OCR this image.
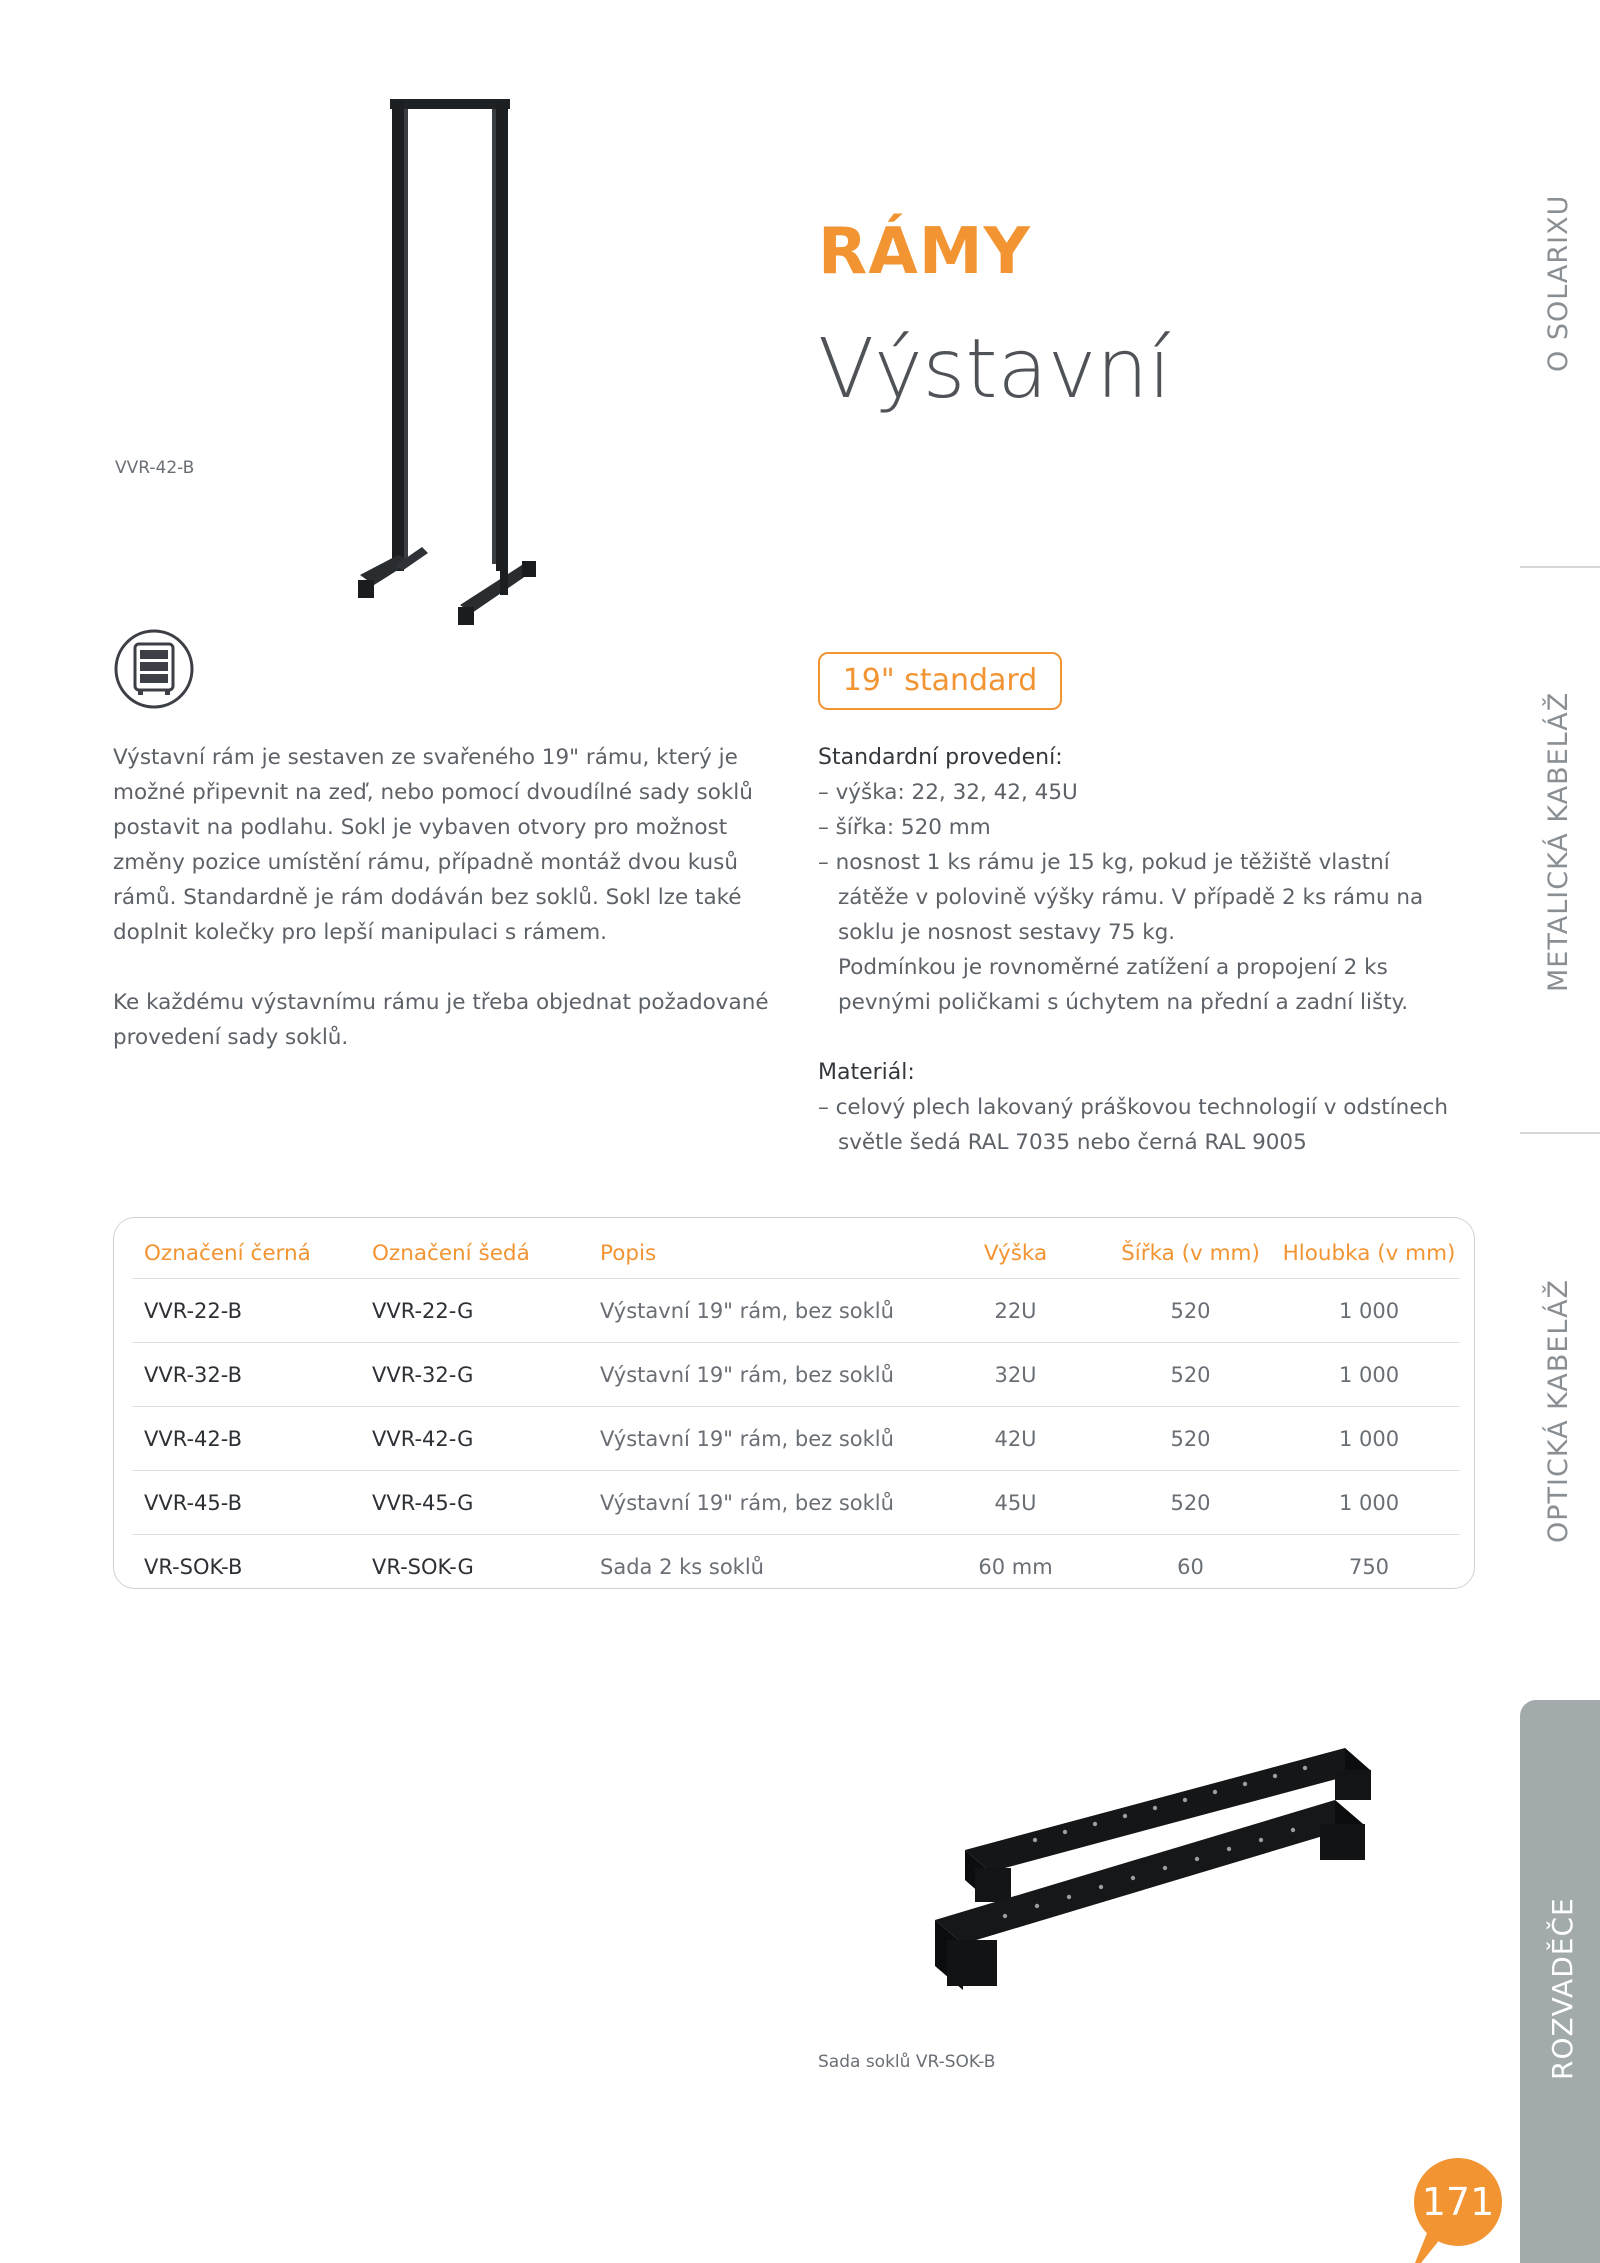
VVR-42-B
RÁMY
Výstavní
19" standard

Výstavní rám je sestaven ze svařeného 19" rámu, který je možné připevnit na zeď, nebo pomocí dvoudílné sady soklů postavit na podlahu. Sokl je vybaven otvory pro možnost změny pozice umístění rámu, případně montáž dvou kusů rámů. Standardně je rám dodáván bez soklů. Sokl lze také doplnit kolečky pro lepší manipulaci s rámem.

Ke každému výstavnímu rámu je třeba objednat požadované provedení sady soklů.

Standardní provedení:
– výška: 22, 32, 42, 45U
– šířka: 520 mm
– nosnost 1 ks rámu je 15 kg, pokud je těžiště vlastní zátěže v polovině výšky rámu. V případě 2 ks rámu na soklu je nosnost sestavy 75 kg.
Podmínkou je rovnoměrné zatížení a propojení 2 ks pevnými poličkami s úchytem na přední a zadní lišty.
Materiál:
– celový plech lakovaný práškovou technologií v odstínech světle šedá RAL 7035 nebo černá RAL 9005
Označení černá	Označení šedá	Popis	Výška	Šířka (v mm)	Hloubka (v mm)
VVR-22-B	VVR-22-G	Výstavní 19" rám, bez soklů	22U	520	1 000
VVR-32-B	VVR-32-G	Výstavní 19" rám, bez soklů	32U	520	1 000
VVR-42-B	VVR-42-G	Výstavní 19" rám, bez soklů	42U	520	1 000
VVR-45-B	VVR-45-G	Výstavní 19" rám, bez soklů	45U	520	1 000
VR-SOK-B	VR-SOK-G	Sada 2 ks soklů	60 mm	60	750
Sada soklů VR-SOK-B
O SOLARIXU
METALICKÁ KABELÁŽ
OPTICKÁ KABELÁŽ
ROZVADĚČE
171
